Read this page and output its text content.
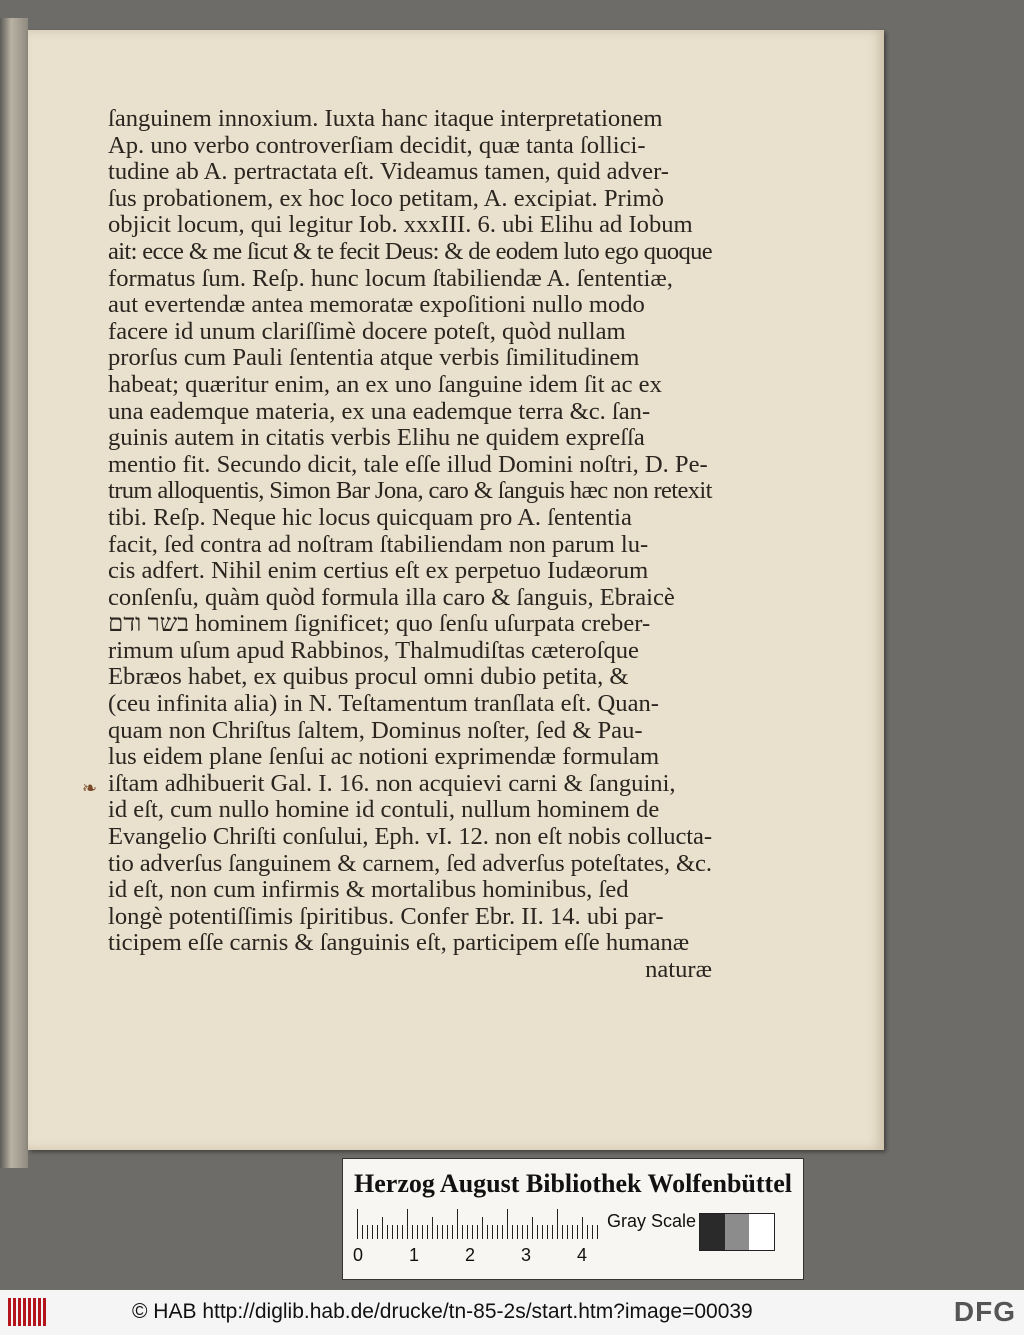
ſanguinem innoxium. Iuxta hanc itaque interpretationem
Ap. uno verbo controverſiam decidit, quæ tanta ſollici-
tudine ab A. pertractata eſt. Videamus tamen, quid adver-
ſus probationem, ex hoc loco petitam, A. excipiat. Primò
objicit locum, qui legitur Iob. xxxIII. 6. ubi Elihu ad Iobum
ait: ecce & me ſicut & te fecit Deus: & de eodem luto ego quoque
formatus ſum. Reſp. hunc locum ſtabiliendæ A. ſententiæ,
aut evertendæ antea memoratæ expoſitioni nullo modo
facere id unum clariſſimè docere poteſt, quòd nullam
prorſus cum Pauli ſententia atque verbis ſimilitudinem
habeat; quæritur enim, an ex uno ſanguine idem ſit ac ex
una eademque materia, ex una eademque terra &c. ſan-
guinis autem in citatis verbis Elihu ne quidem expreſſa
mentio fit. Secundo dicit, tale eſſe illud Domini noſtri, D. Pe-
trum alloquentis, Simon Bar Jona, caro & ſanguis hæc non retexit
tibi. Reſp. Neque hic locus quicquam pro A. ſententia
facit, ſed contra ad noſtram ſtabiliendam non parum lu-
cis adfert. Nihil enim certius eſt ex perpetuo Iudæorum
conſenſu, quàm quòd formula illa caro & ſanguis, Ebraicè
בשר ודם hominem ſignificet; quo ſenſu uſurpata creber-
rimum uſum apud Rabbinos, Thalmudiſtas cæteroſque
Ebræos habet, ex quibus procul omni dubio petita, &
(ceu infinita alia) in N. Teſtamentum tranſlata eſt. Quan-
quam non Chriſtus ſaltem, Dominus noſter, ſed & Pau-
lus eidem plane ſenſui ac notioni exprimendæ formulam
iſtam adhibuerit Gal. I. 16. non acquievi carni & ſanguini,
id eſt, cum nullo homine id contuli, nullum hominem de
Evangelio Chriſti conſului, Eph. vI. 12. non eſt nobis colluctа-
tio adverſus ſanguinem & carnem, ſed adverſus poteſtates, &c.
id eſt, non cum infirmis & mortalibus hominibus, ſed
longè potentiſſimis ſpiritibus. Confer Ebr. II. 14. ubi par-
ticipem eſſe carnis & ſanguinis eſt, participem eſſe humanæ
naturæ
❧
Herzog August Bibliothek Wolfenbüttel
0	1	2	3	4
Gray Scale
© HAB http://diglib.hab.de/drucke/tn-85-2s/start.htm?image=00039	DFG
